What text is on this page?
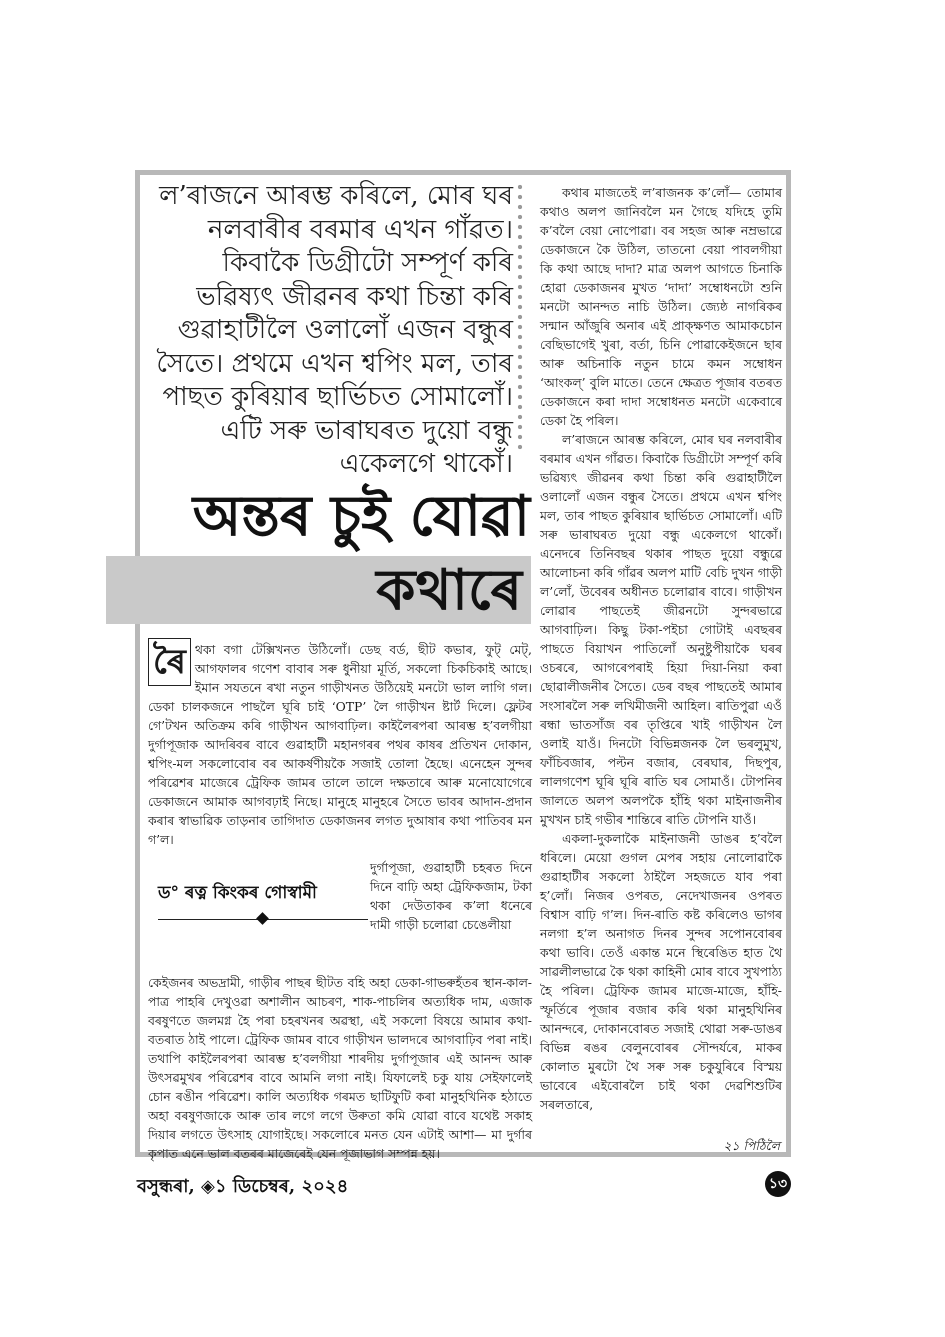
ল’ৰাজনে আৰম্ভ কৰিলে, মোৰ ঘৰ নলবাৰীৰ বৰমাৰ এখন গাঁৱত। কিবাকৈ ডিগ্ৰীটো সম্পূৰ্ণ কৰি ভৱিষ্যৎ জীৱনৰ কথা চিন্তা কৰি গুৱাহাটীলৈ ওলালোঁ এজন বন্ধুৰ সৈতে। প্ৰথমে এখন শ্বপিং মল, তাৰ পাছত কুৰিয়াৰ ছাৰ্ভিচত সোমালোঁ। এটি সৰু ভাৰাঘৰত দুয়ো বন্ধু একেলগে থাকোঁ।

অন্তৰ চুই যোৱা
কথাৰে
ৰৈ থকা বগা টেক্সিখনত উঠিলোঁ। ডেছ বৰ্ড, ছীট কভাৰ, ফুট্ মেট্, আগফালৰ গণেশ বাবাৰ সৰু ধুনীয়া মূৰ্তি, সকলো চিকচিকাই আছে। ইমান সযতনে ৰখা নতুন গাড়ীখনত উঠিয়েই মনটো ভাল লাগি গল। ডেকা চালকজনে পাছলৈ ঘূৰি চাই ‘OTP’ লৈ গাড়ীখন ষ্টাৰ্ট দিলে। ফ্লেটৰ গে’টখন অতিক্ৰম কৰি গাড়ীখন আগবাঢ়িল। কাইলৈৰপৰা আৰম্ভ হ’বলগীয়া দুৰ্গাপূজাক আদৰিবৰ বাবে গুৱাহাটী মহানগৰৰ পথৰ কাষৰ প্ৰতিখন দোকান, শ্বপিং-মল সকলোবোৰ বৰ আকৰ্ষণীয়কৈ সজাই তোলা হৈছে। এনেহেন সুন্দৰ পৰিৱেশৰ মাজেৰে ট্ৰেফিক জামৰ তালে তালে দক্ষতাৰে আৰু মনোযোগেৰে ডেকাজনে আমাক আগবঢ়াই নিছে। মানুহে মানুহৰে সৈতে ভাবৰ আদান-প্ৰদান কৰাৰ স্বাভাৱিক তাড়নাৰ তাগিদাত ডেকাজনৰ লগত দুআষাৰ কথা পাতিবৰ মন গ’ল।

ড° ৰত্ন কিংকৰ গোস্বামী

দুৰ্গাপূজা, গুৱাহাটী চহৰত দিনে দিনে বাঢ়ি অহা ট্ৰেফিকজাম, টকা থকা দেউতাকৰ ক’লা ধনেৰে দামী গাড়ী চলোৱা চেঙেলীয়া

কেইজনৰ অভদ্ৰামী, গাড়ীৰ পাছৰ ছীটত বহি অহা ডেকা-গাভৰুহঁতৰ স্থান-কাল-পাত্ৰ পাহৰি দেখুওৱা অশালীন আচৰণ, শাক-পাচলিৰ অত্যধিক দাম, এজাক বৰষুণতে জলমগ্ন হৈ পৰা চহৰখনৰ অৱস্থা, এই সকলো বিষয়ে আমাৰ কথা-বতৰাত ঠাই পালে। ট্ৰেফিক জামৰ বাবে গাড়ীখন ভালদৰে আগবাঢ়িব পৰা নাই। তথাপি কাইলৈৰপৰা আৰম্ভ হ’বলগীয়া শাৰদীয় দুৰ্গাপূজাৰ এই আনন্দ আৰু উৎসৱমুখৰ পৰিৱেশৰ বাবে আমনি লগা নাই। যিফালেই চকু যায় সেইফালেই চোন ৰঙীন পৰিৱেশ। কালি অত্যধিক গৰমত ছাটিফুটি কৰা মানুহখিনিক হঠাতে অহা বৰষুণজাকে আৰু তাৰ লগে লগে উৰুতা কমি যোৱা বাবে যথেষ্ট সকাহ দিয়াৰ লগতে উৎসাহ যোগাইছে। সকলোৰে মনত যেন এটাই আশা— মা দুৰ্গাৰ কৃপাত এনে ভাল বতৰৰ মাজেৰেই যেন পূজাভাগ সম্পন্ন হয়।

কথাৰ মাজতেই ল’ৰাজনক ক’লোঁ— তোমাৰ কথাও অলপ জানিবলৈ মন গৈছে যদিহে তুমি ক’বলৈ বেয়া নোপোৱা। বৰ সহজ আৰু নম্ৰভাৱে ডেকাজনে কৈ উঠিল, তাতনো বেয়া পাবলগীয়া কি কথা আছে দাদা? মাত্ৰ অলপ আগতে চিনাকি হোৱা ডেকাজনৰ মুখত ‘দাদা’ সম্বোধনটো শুনি মনটো আনন্দত নাচি উঠিল। জ্যেষ্ঠ নাগৰিকৰ সন্মান আঁজুৰি অনাৰ এই প্ৰাক্‌ক্ষণত আমাকচোন বেছিভাগেই খুৰা, বৰ্তা, চিনি পোৱাকেইজনে ছাৰ আৰু অচিনাকি নতুন চামে কমন সম্বোধন ‘আংকল্’ বুলি মাতে। তেনে ক্ষেত্ৰত পূজাৰ বতৰত ডেকাজনে কৰা দাদা সম্বোধনত মনটো একেবাৰে ডেকা হৈ পৰিল।

ল’ৰাজনে আৰম্ভ কৰিলে, মোৰ ঘৰ নলবাৰীৰ বৰমাৰ এখন গাঁৱত। কিবাকৈ ডিগ্ৰীটো সম্পূৰ্ণ কৰি ভৱিষ্যৎ জীৱনৰ কথা চিন্তা কৰি গুৱাহাটীলৈ ওলালোঁ এজন বন্ধুৰ সৈতে। প্ৰথমে এখন শ্বপিং মল, তাৰ পাছত কুৰিয়াৰ ছাৰ্ভিচত সোমালোঁ। এটি সৰু ভাৰাঘৰত দুয়ো বন্ধু একেলগে থাকোঁ। এনেদৰে তিনিবছৰ থকাৰ পাছত দুয়ো বন্ধুৱে আলোচনা কৰি গাঁৱৰ অলপ মাটি বেচি দুখন গাড়ী ল’লোঁ, উবেৰৰ অধীনত চলোৱাৰ বাবে। গাড়ীখন লোৱাৰ পাছতেই জীৱনটো সুন্দৰভাৱে আগবাঢ়িল। কিছু টকা-পইচা গোটাই এবছৰৰ পাছতে বিয়াখন পাতিলোঁ অনুষ্টুপীয়াকৈ ঘৰৰ ওচৰৰে, আগৰেপৰাই হিয়া দিয়া-নিয়া কৰা ছোৱালীজনীৰ সৈতে। ডেৰ বছৰ পাছতেই আমাৰ সংসাৰলৈ সৰু লখিমীজনী আহিল। ৰাতিপুৱা এওঁ ৰন্ধা ভাতসাঁজ বৰ তৃপ্তিৰে খাই গাড়ীখন লৈ ওলাই যাওঁ। দিনটো বিভিন্নজনক লৈ ভৰলুমুখ, ফাঁচিবজাৰ, পল্টন বজাৰ, বেৰঘাৰ, দিছপুৰ, লালগণেশ ঘূৰি ঘূৰি ৰাতি ঘৰ সোমাওঁ। টোপনিৰ জালতে অলপ অলপকৈ হাঁহি থকা মাইনাজনীৰ মুখখন চাই গভীৰ শান্তিৰে ৰাতি টোপনি যাওঁ।

একলা-দুকলাকৈ মাইনাজনী ডাঙৰ হ’বলৈ ধৰিলে। মেয়ো গুগল মেপৰ সহায় নোলোৱাকৈ গুৱাহাটীৰ সকলো ঠাইলৈ সহজতে যাব পৰা হ’লোঁ। নিজৰ ওপৰত, নেদেখাজনৰ ওপৰত বিশ্বাস বাঢ়ি গ’ল। দিন-ৰাতি কষ্ট কৰিলেও ভাগৰ নলগা হ’ল অনাগত দিনৰ সুন্দৰ সপোনবোৰৰ কথা ভাবি। তেওঁ একান্ত মনে স্থিৰেঙিত হাত থৈ সাৱলীলভাৱে কৈ থকা কাহিনী মোৰ বাবে সুখপাঠ্য হৈ পৰিল। ট্ৰেফিক জামৰ মাজে-মাজে, হাঁহি-স্ফূৰ্তিৰে পূজাৰ বজাৰ কৰি থকা মানুহখিনিৰ আনন্দৰে, দোকানবোৰত সজাই থোৱা সৰু-ডাঙৰ বিভিন্ন ৰঙৰ বেলুনবোৰৰ সৌন্দৰ্যৰে, মাকৰ কোলাত মুৰটো থৈ সৰু সৰু চকুযুৰিৰে বিস্ময় ভাবেৰে এইবোৰলৈ চাই থকা দেৱশিশুটিৰ সৰলতাৰে,

২১ পিঠিলৈ

বসুন্ধৰা, ◈১ ডিচেম্বৰ, ২০২৪	১৩
